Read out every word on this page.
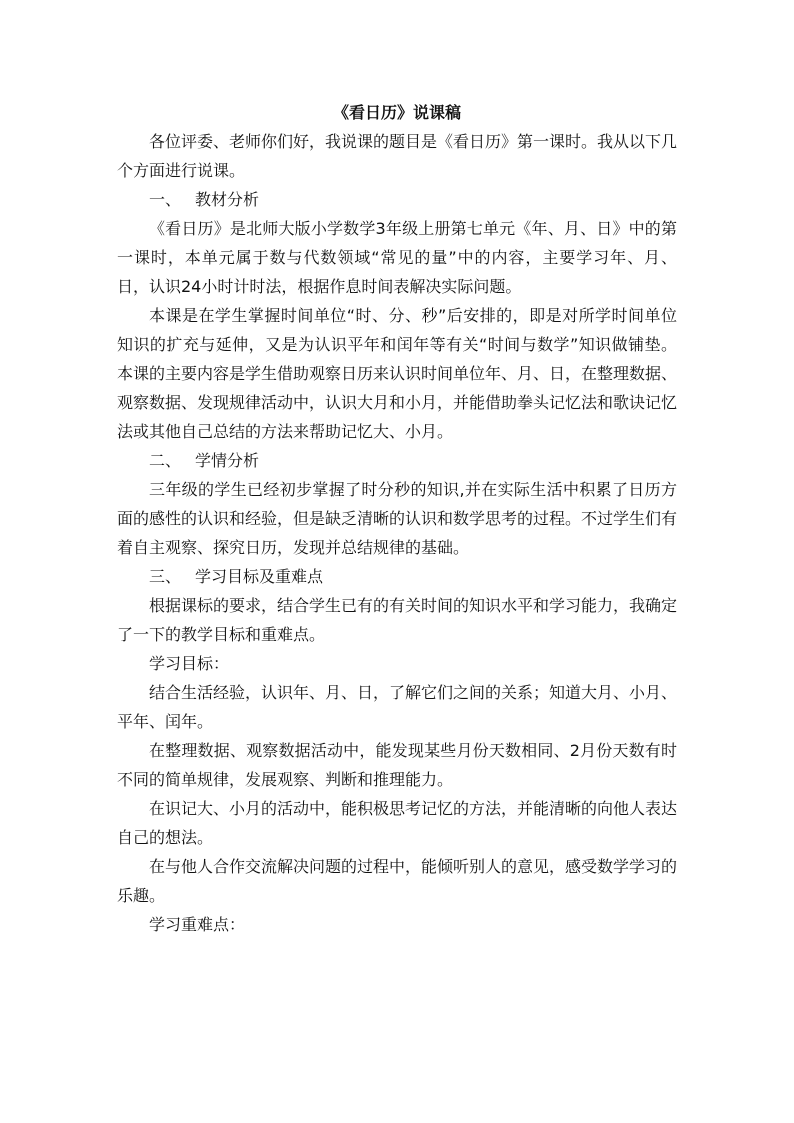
《看日历》说课稿

各位评委、老师你们好，我说课的题目是《看日历》第一课时。我从以下几个方面进行说课。

一、 教材分析

《看日历》是北师大版小学数学3年级上册第七单元《年、月、日》中的第一课时，本单元属于数与代数领域“常见的量”中的内容，主要学习年、月、日，认识24小时计时法，根据作息时间表解决实际问题。

本课是在学生掌握时间单位“时、分、秒”后安排的，即是对所学时间单位知识的扩充与延伸，又是为认识平年和闰年等有关“时间与数学”知识做铺垫。本课的主要内容是学生借助观察日历来认识时间单位年、月、日，在整理数据、观察数据、发现规律活动中，认识大月和小月，并能借助拳头记忆法和歌诀记忆法或其他自己总结的方法来帮助记忆大、小月。

二、 学情分析

三年级的学生已经初步掌握了时分秒的知识,并在实际生活中积累了日历方面的感性的认识和经验，但是缺乏清晰的认识和数学思考的过程。不过学生们有着自主观察、探究日历，发现并总结规律的基础。

三、 学习目标及重难点

根据课标的要求，结合学生已有的有关时间的知识水平和学习能力，我确定了一下的教学目标和重难点。

学习目标：

结合生活经验，认识年、月、日，了解它们之间的关系；知道大月、小月、平年、闰年。

在整理数据、观察数据活动中，能发现某些月份天数相同、2月份天数有时不同的简单规律，发展观察、判断和推理能力。

在识记大、小月的活动中，能积极思考记忆的方法，并能清晰的向他人表达自己的想法。

在与他人合作交流解决问题的过程中，能倾听别人的意见，感受数学学习的乐趣。

学习重难点：
